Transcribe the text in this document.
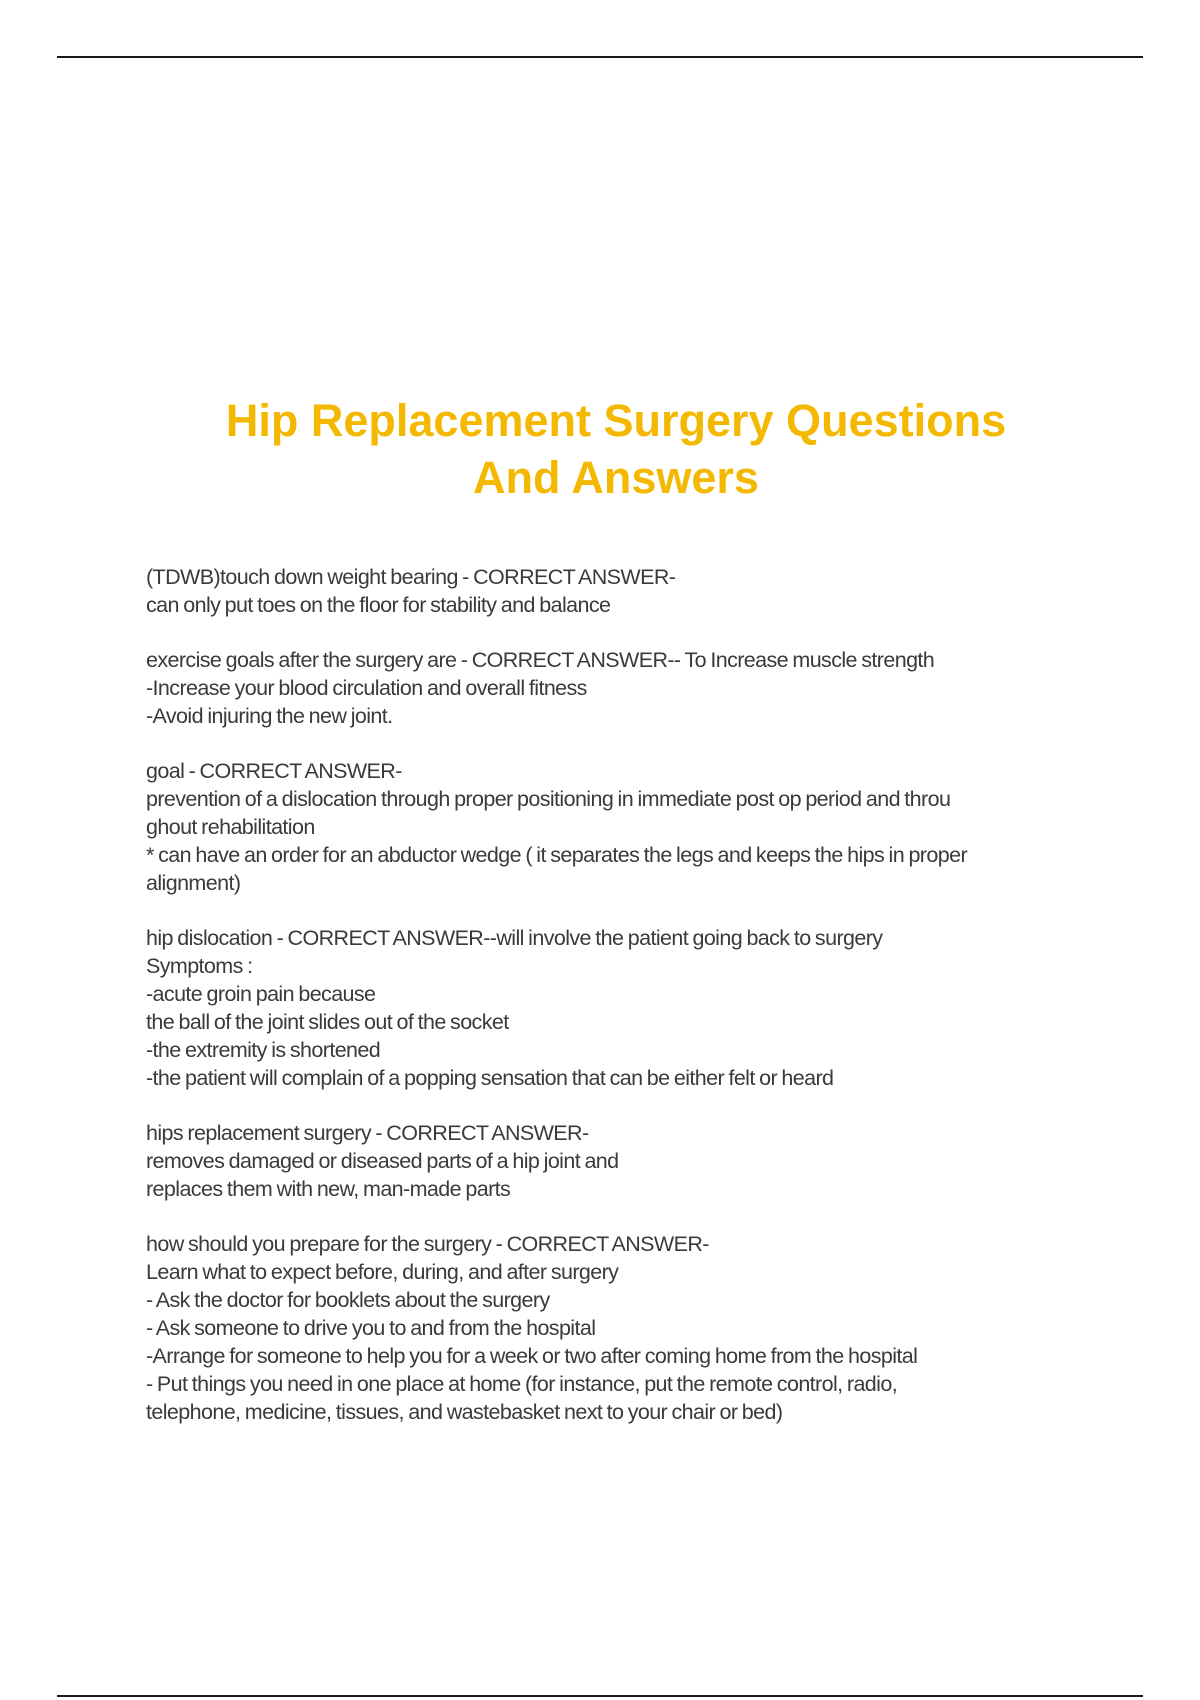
Hip Replacement Surgery Questions
And Answers
(TDWB)touch down weight bearing - CORRECT ANSWER-
can only put toes on the floor for stability and balance
exercise goals after the surgery are - CORRECT ANSWER-- To Increase muscle strength
-Increase your blood circulation and overall fitness
-Avoid injuring the new joint.
goal - CORRECT ANSWER-
prevention of a dislocation through proper positioning in immediate post op period and throu
ghout rehabilitation
* can have an order for an abductor wedge ( it separates the legs and keeps the hips in proper
alignment)
hip dislocation - CORRECT ANSWER--will involve the patient going back to surgery
Symptoms :
-acute groin pain because
the ball of the joint slides out of the socket
-the extremity is shortened
-the patient will complain of a popping sensation that can be either felt or heard
hips replacement surgery - CORRECT ANSWER-
removes damaged or diseased parts of a hip joint and
replaces them with new, man-made parts
how should you prepare for the surgery - CORRECT ANSWER-
Learn what to expect before, during, and after surgery
- Ask the doctor for booklets about the surgery
- Ask someone to drive you to and from the hospital
-Arrange for someone to help you for a week or two after coming home from the hospital
- Put things you need in one place at home (for instance, put the remote control, radio,
telephone, medicine, tissues, and wastebasket next to your chair or bed)
